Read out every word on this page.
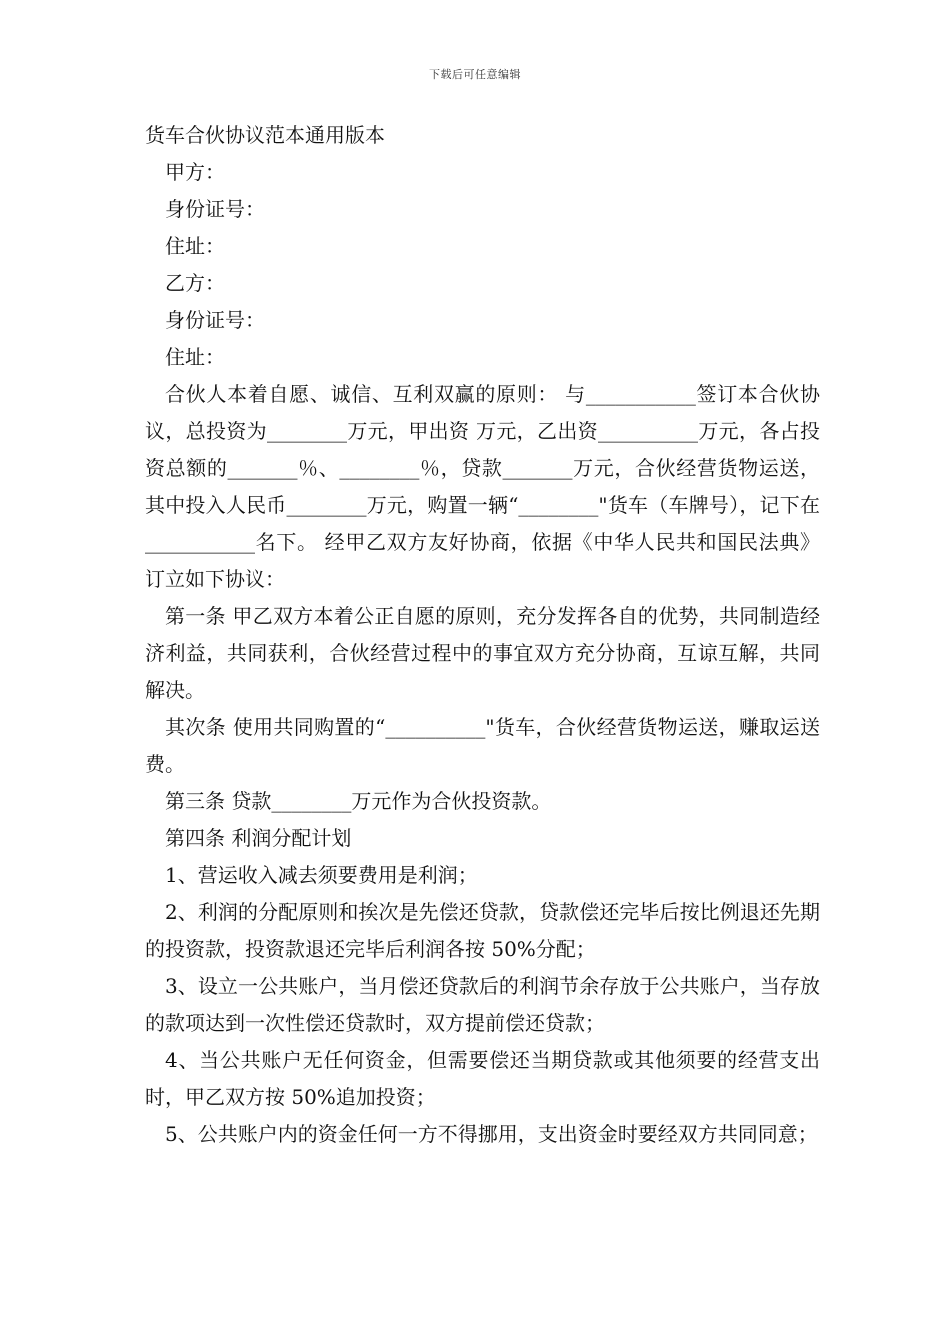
下载后可任意编辑

货车合伙协议范本通用版本

甲方：

身份证号：

住址：

乙方：

身份证号：

住址：

合伙人本着自愿、诚信、互利双赢的原则： 与___________签订本合伙协议，总投资为________万元，甲出资 万元，乙出资__________万元，各占投资总额的_______％、________％，贷款_______万元，合伙经营货物运送，其中投入人民币________万元，购置一辆“________"货车（车牌号），记下在___________名下。 经甲乙双方友好协商，依据《中华人民共和国民法典》订立如下协议：

第一条 甲乙双方本着公正自愿的原则，充分发挥各自的优势，共同制造经济利益，共同获利，合伙经营过程中的事宜双方充分协商，互谅互解，共同解决。

其次条 使用共同购置的“__________"货车，合伙经营货物运送，赚取运送费。

第三条 贷款________万元作为合伙投资款。

第四条 利润分配计划

1、营运收入减去须要费用是利润；

2、利润的分配原则和挨次是先偿还贷款，贷款偿还完毕后按比例退还先期的投资款，投资款退还完毕后利润各按 50%分配；

3、设立一公共账户，当月偿还贷款后的利润节余存放于公共账户，当存放的款项达到一次性偿还贷款时，双方提前偿还贷款；

4、当公共账户无任何资金，但需要偿还当期贷款或其他须要的经营支出时，甲乙双方按 50%追加投资；

5、公共账户内的资金任何一方不得挪用，支出资金时要经双方共同同意；
